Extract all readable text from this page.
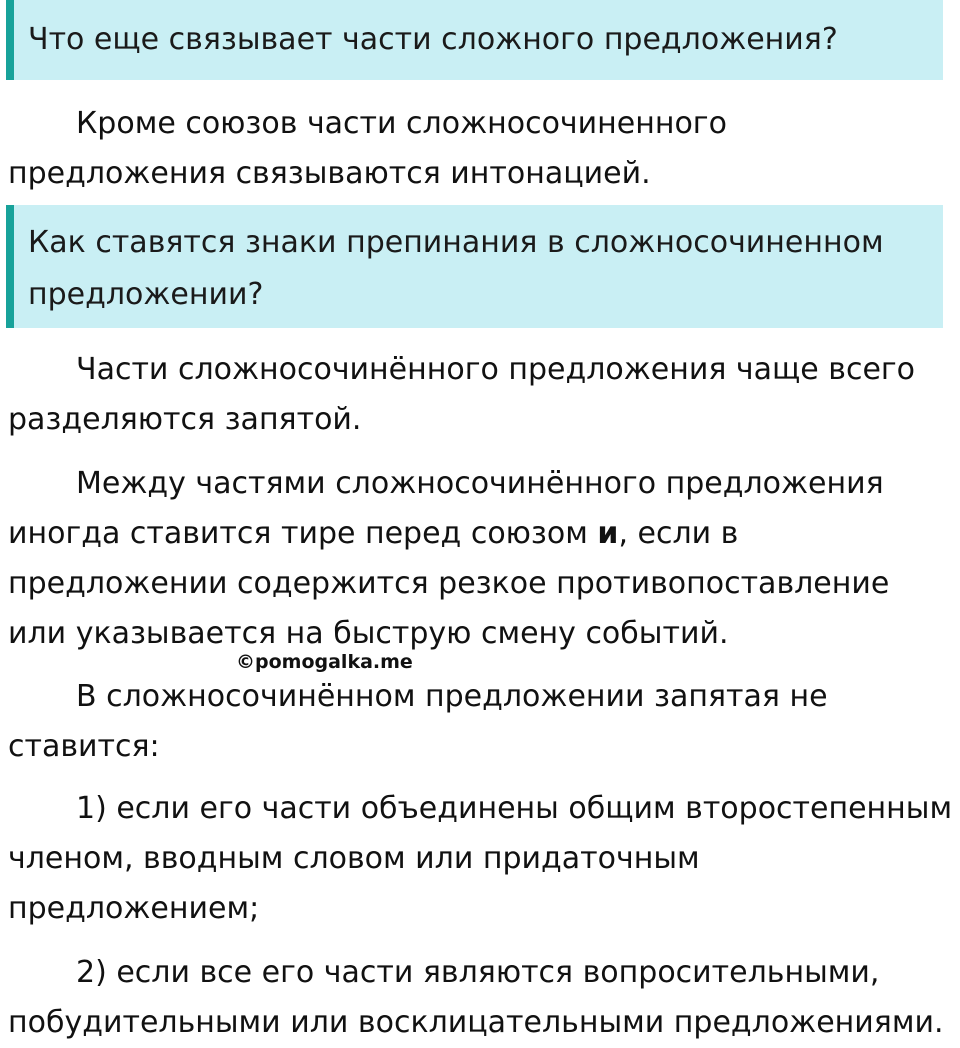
Что еще связывает части сложного предложения?

Кроме союзов части сложносочиненного предложения связываются интонацией.

Как ставятся знаки препинания в сложносочиненном предложении?

Части сложносочинённого предложения чаще всего разделяются запятой.

Между частями сложносочинённого предложения иногда ставится тире перед союзом и, если в предложении содержится резкое противопоставление или указывается на быструю смену событий.

©pomogalka.me

В сложносочинённом предложении запятая не ставится:

1) если его части объединены общим второстепенным членом, вводным словом или придаточным предложением;

2) если все его части являются вопросительными, побудительными или восклицательными предложениями.
